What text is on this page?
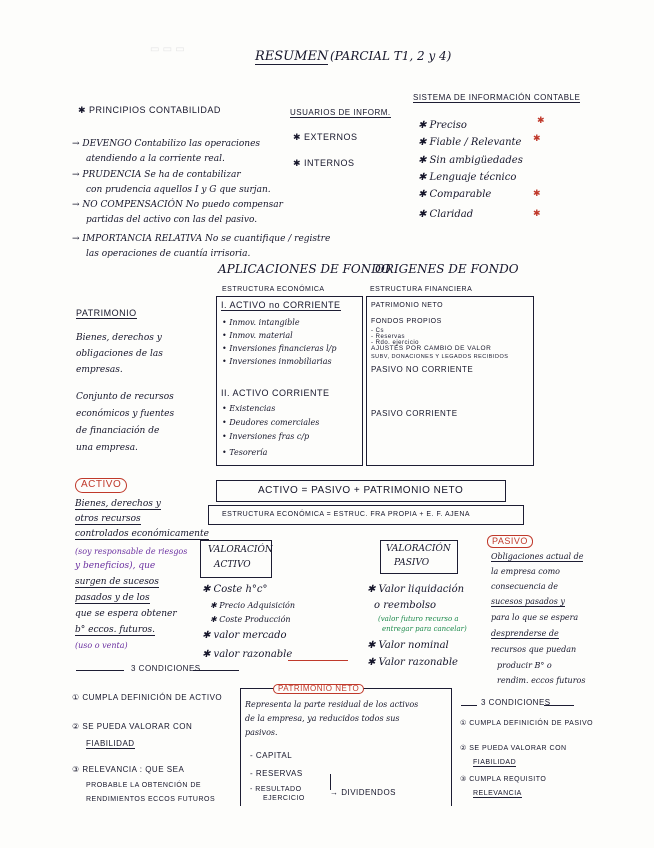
▭ ▭ ▭	RESUMEN (PARCIAL T1, 2 y 4)
✱ PRINCIPIOS CONTABILIDAD
→ DEVENGO Contabilizo las operaciones
atendiendo a la corriente real.
→ PRUDENCIA Se ha de contabilizar
con prudencia aquellos I y G que surjan.
→ NO COMPENSACIÓN No puedo compensar
partidas del activo con las del pasivo.
→ IMPORTANCIA RELATIVA No se cuantifique / registre
las operaciones de cuantía irrisoria.
USUARIOS DE INFORM.
✱ EXTERNOS
✱ INTERNOS
SISTEMA DE INFORMACIÓN CONTABLE
✱ Preciso
✱ Fiable / Relevante
✱ Sin ambigüedades
✱ Lenguaje técnico
✱ Comparable
✱ Claridad
✱
✱
✱
✱
APLICACIONES DE FONDO
ESTRUCTURA ECONÓMICA
ORIGENES DE FONDO
ESTRUCTURA FINANCIERA
I. ACTIVO no CORRIENTE
• Inmov. intangible
• Inmov. material
• Inversiones financieras l/p
• Inversiones inmobiliarias
II. ACTIVO CORRIENTE
• Existencias
• Deudores comerciales
• Inversiones fras c/p
• Tesorería
PATRIMONIO NETO
FONDOS PROPIOS
- Cs
- Reservas
- Rdo. ejercicio
AJUSTES POR CAMBIO DE VALOR
SUBV, DONACIONES Y LEGADOS RECIBIDOS
PASIVO NO CORRIENTE
PASIVO CORRIENTE
PATRIMONIO
Bienes, derechos y
obligaciones de las
empresas.
Conjunto de recursos
económicos y fuentes
de financiación de
una empresa.
ACTIVO = PASIVO + PATRIMONIO NETO
ESTRUCTURA ECONÓMICA = ESTRUC. FRA PROPIA + E. F. AJENA
ACTIVO
Bienes, derechos y
otros recursos
controlados económicamente
(soy responsable de riesgos
y beneficios), que
surgen de sucesos
pasados y de los
que se espera obtener
b° eccos. futuros.
(uso o venta)
VALORACIÓN
ACTIVO
✱ Coste h°c°
✱ Precio Adquisición
✱ Coste Producción
✱ valor mercado
✱ valor razonable
VALORACIÓN
PASIVO
✱ Valor liquidación
o reembolso
(valor futuro recurso a
entregar para cancelar)
✱ Valor nominal
✱ Valor razonable
PASIVO
Obligaciones actual de
la empresa como
consecuencia de
sucesos pasados y
para lo que se espera
desprenderse de
recursos que puedan
producir B° o
rendim. eccos futuros
3 CONDICIONES
① CUMPLA DEFINICIÓN DE ACTIVO
② SE PUEDA VALORAR CON
FIABILIDAD
③ RELEVANCIA : QUE SEA
PROBABLE LA OBTENCIÓN DE
RENDIMIENTOS ECCOS FUTUROS
PATRIMONIO NETO
Representa la parte residual de los activos
de la empresa, ya reducidos todos sus
pasivos.
- CAPITAL
- RESERVAS
- RESULTADO
EJERCICIO
→ DIVIDENDOS
3 CONDICIONES
① CUMPLA DEFINICIÓN DE PASIVO
② SE PUEDA VALORAR CON
FIABILIDAD
③ CUMPLA REQUISITO
RELEVANCIA
